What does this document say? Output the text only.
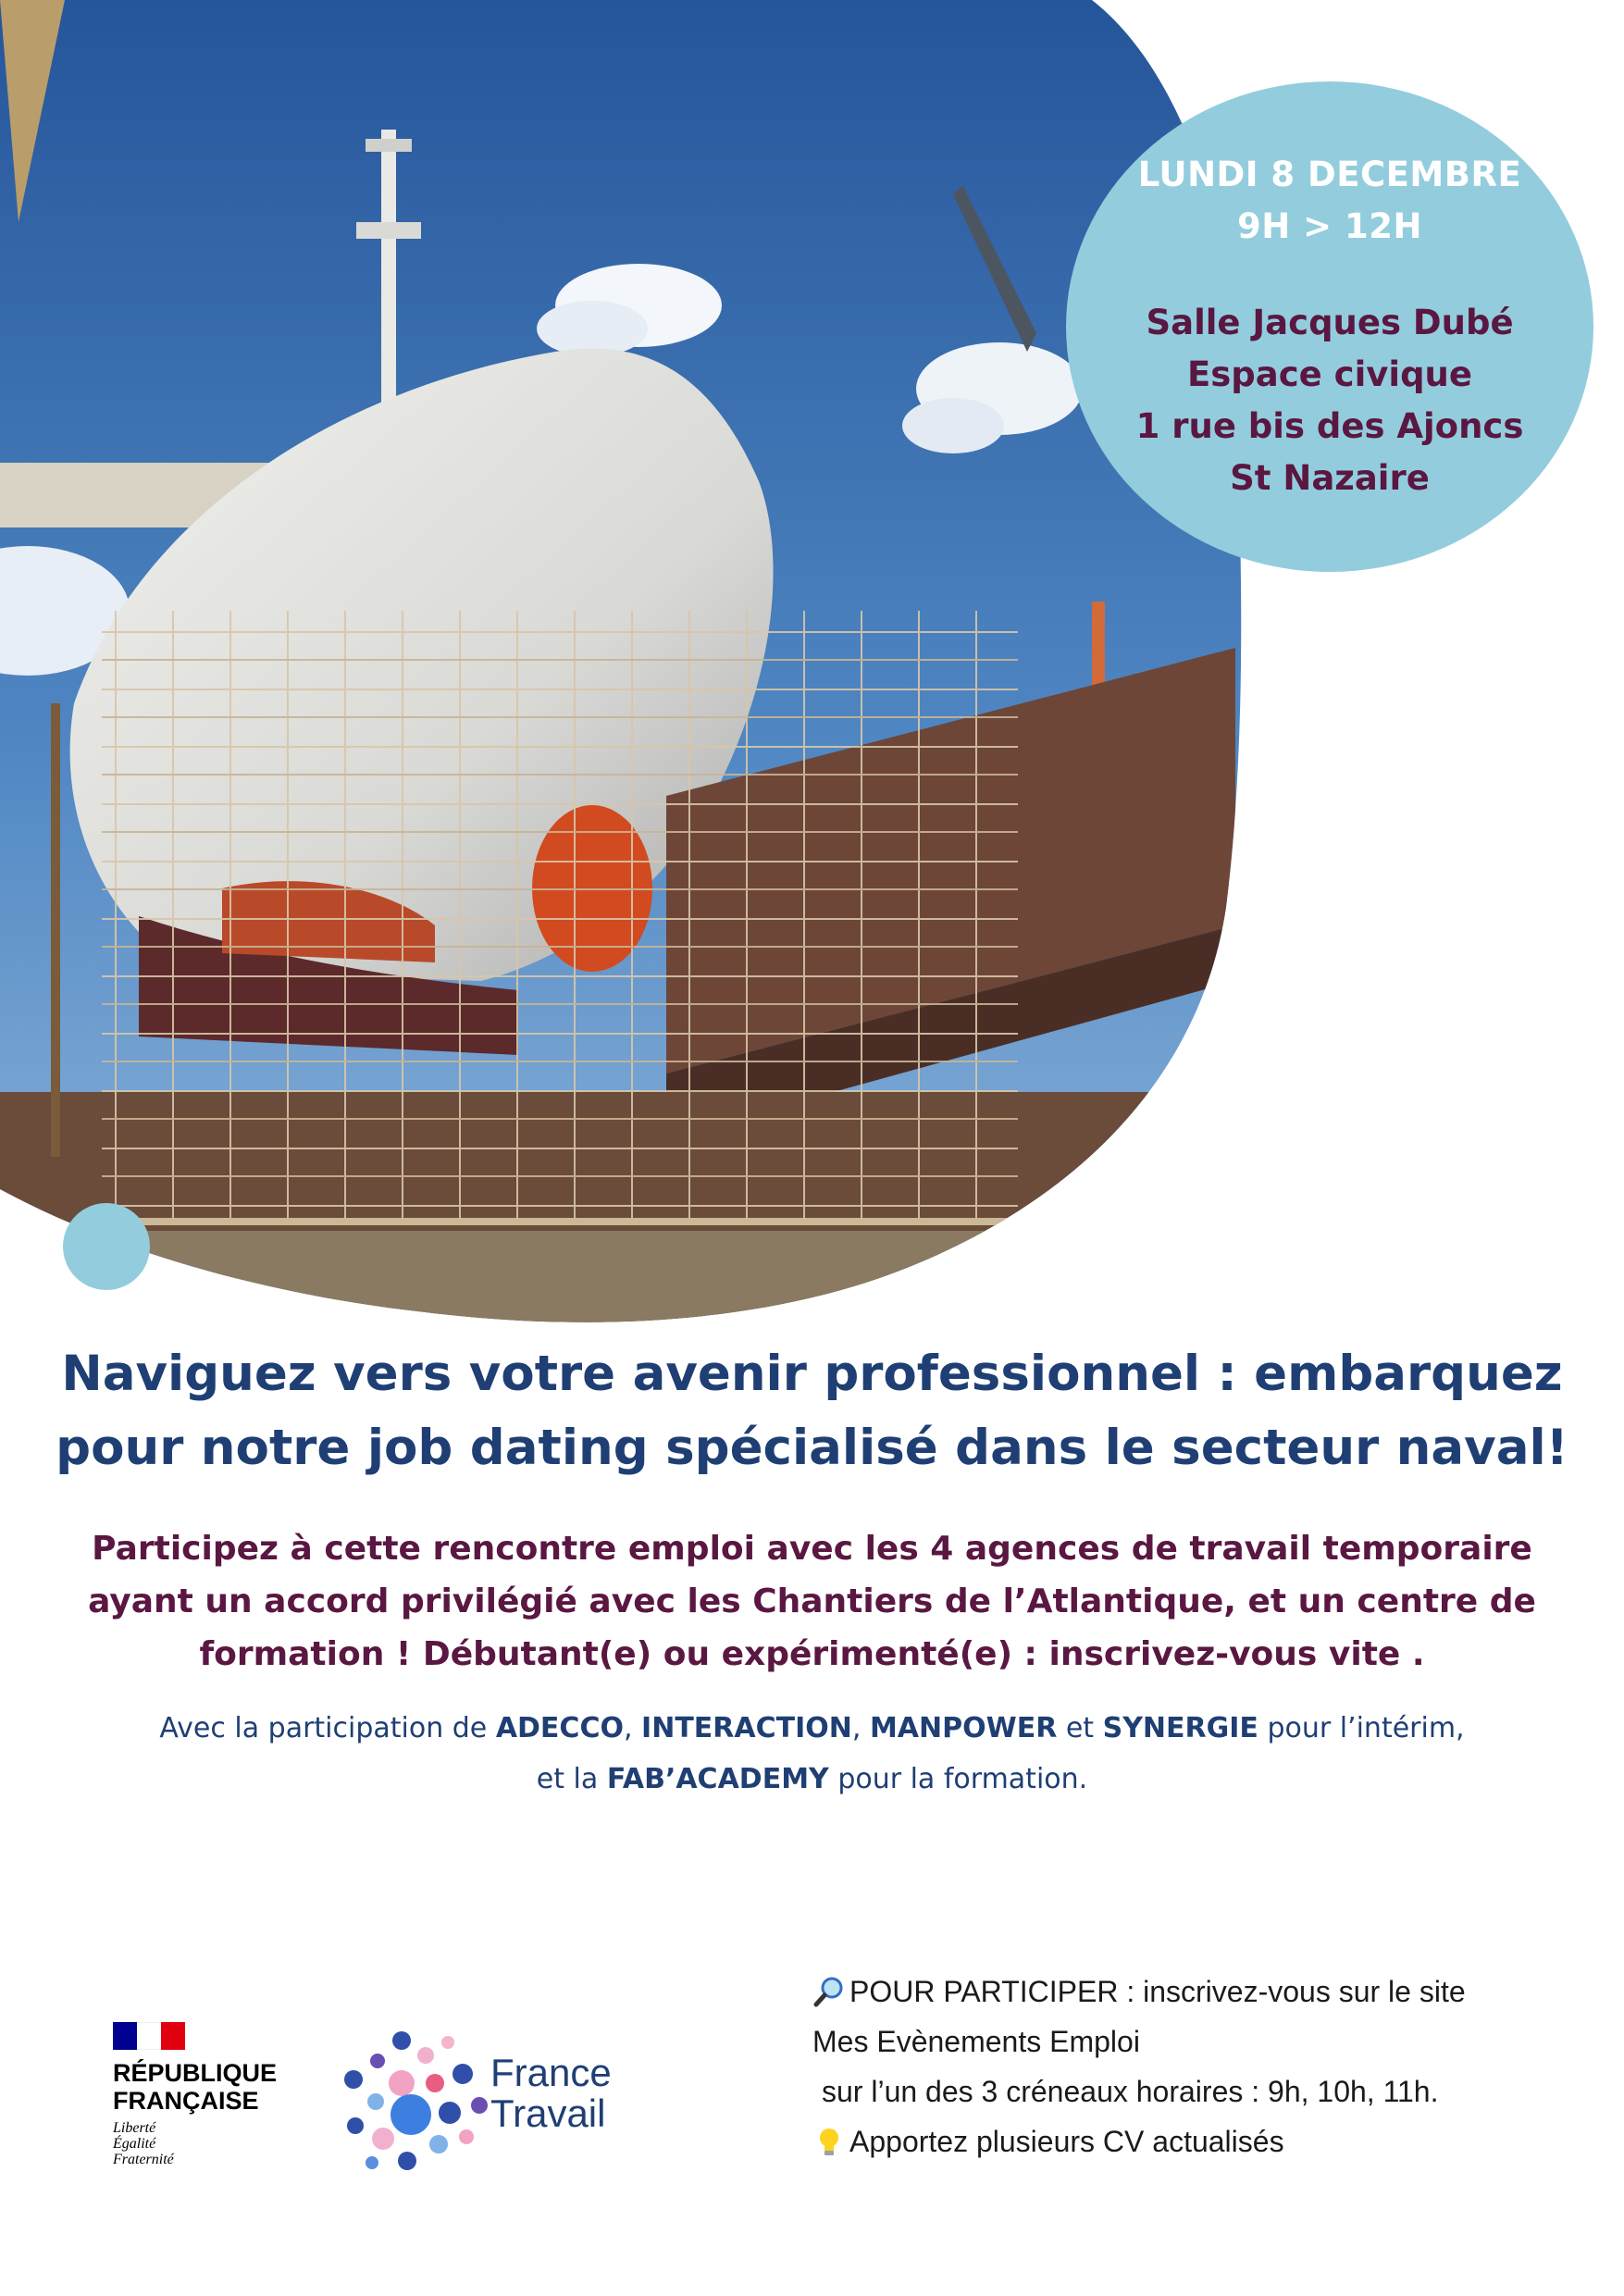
LUNDI 8 DECEMBRE
9H > 12H
Salle Jacques Dubé
Espace civique
1 rue bis des Ajoncs
St Nazaire
Naviguez vers votre avenir professionnel : embarquez
pour notre job dating spécialisé dans le secteur naval!
Participez à cette rencontre emploi avec les 4 agences de travail temporaire
ayant un accord privilégié avec les Chantiers de l’Atlantique, et un centre de
formation ! Débutant(e) ou expérimenté(e) : inscrivez-vous vite .
Avec la participation de ADECCO, INTERACTION, MANPOWER et SYNERGIE pour l’intérim,
et la FAB’ACADEMY pour la formation.
RÉPUBLIQUE
FRANÇAISE
Liberté
Égalité
Fraternité
France
Travail
POUR PARTICIPER : inscrivez-vous sur le site
Mes Evènements Emploi
sur l’un des 3 créneaux horaires : 9h, 10h, 11h.
Apportez plusieurs CV actualisés
